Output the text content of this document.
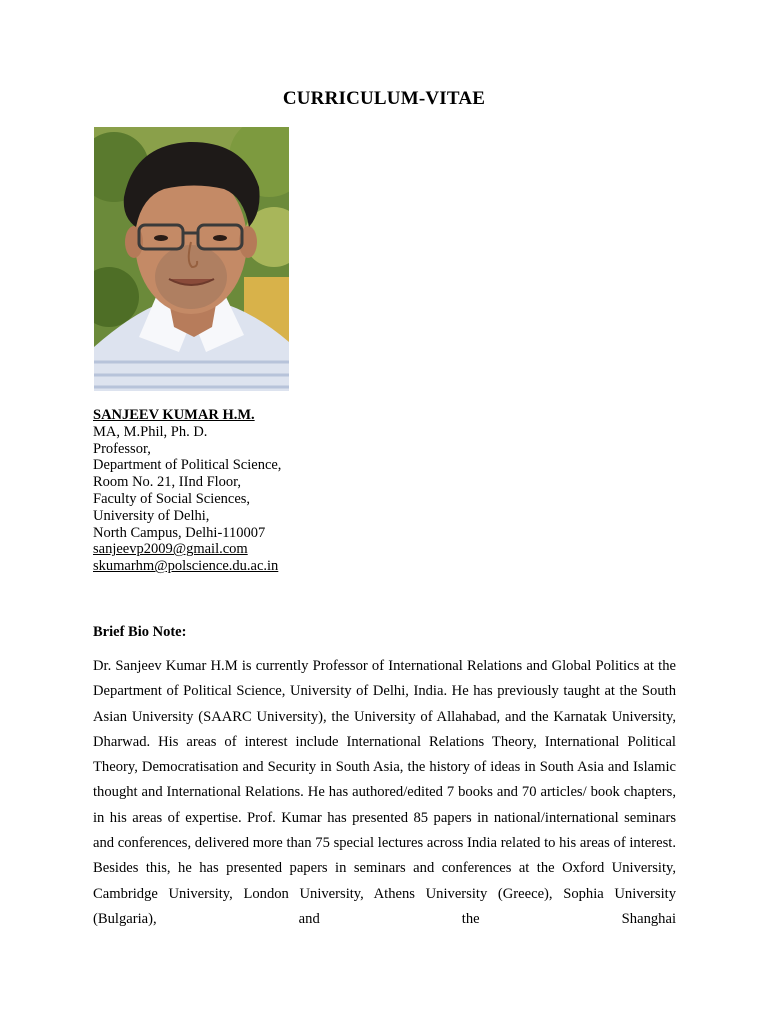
CURRICULUM-VITAE
SANJEEV KUMAR H.M.
MA, M.Phil, Ph. D.
Professor,
Department of Political Science,
Room No. 21, IInd Floor,
Faculty of Social Sciences,
University of Delhi,
North Campus, Delhi-110007
sanjeevp2009@gmail.com
skumarhm@polscience.du.ac.in
Brief Bio Note:
Dr. Sanjeev Kumar H.M is currently Professor of International Relations and Global Politics at the Department of Political Science, University of Delhi, India. He has previously taught at the South Asian University (SAARC University), the University of Allahabad, and the Karnatak University, Dharwad. His areas of interest include International Relations Theory, International Political Theory, Democratisation and Security in South Asia, the history of ideas in South Asia and Islamic thought and International Relations. He has authored/edited 7 books and 70 articles/ book chapters, in his areas of expertise. Prof. Kumar has presented 85 papers in national/international seminars and conferences, delivered more than 75 special lectures across India related to his areas of interest. Besides this, he has presented papers in seminars and conferences at the Oxford University, Cambridge University, London University, Athens University (Greece), Sophia University (Bulgaria), and the Shanghai
